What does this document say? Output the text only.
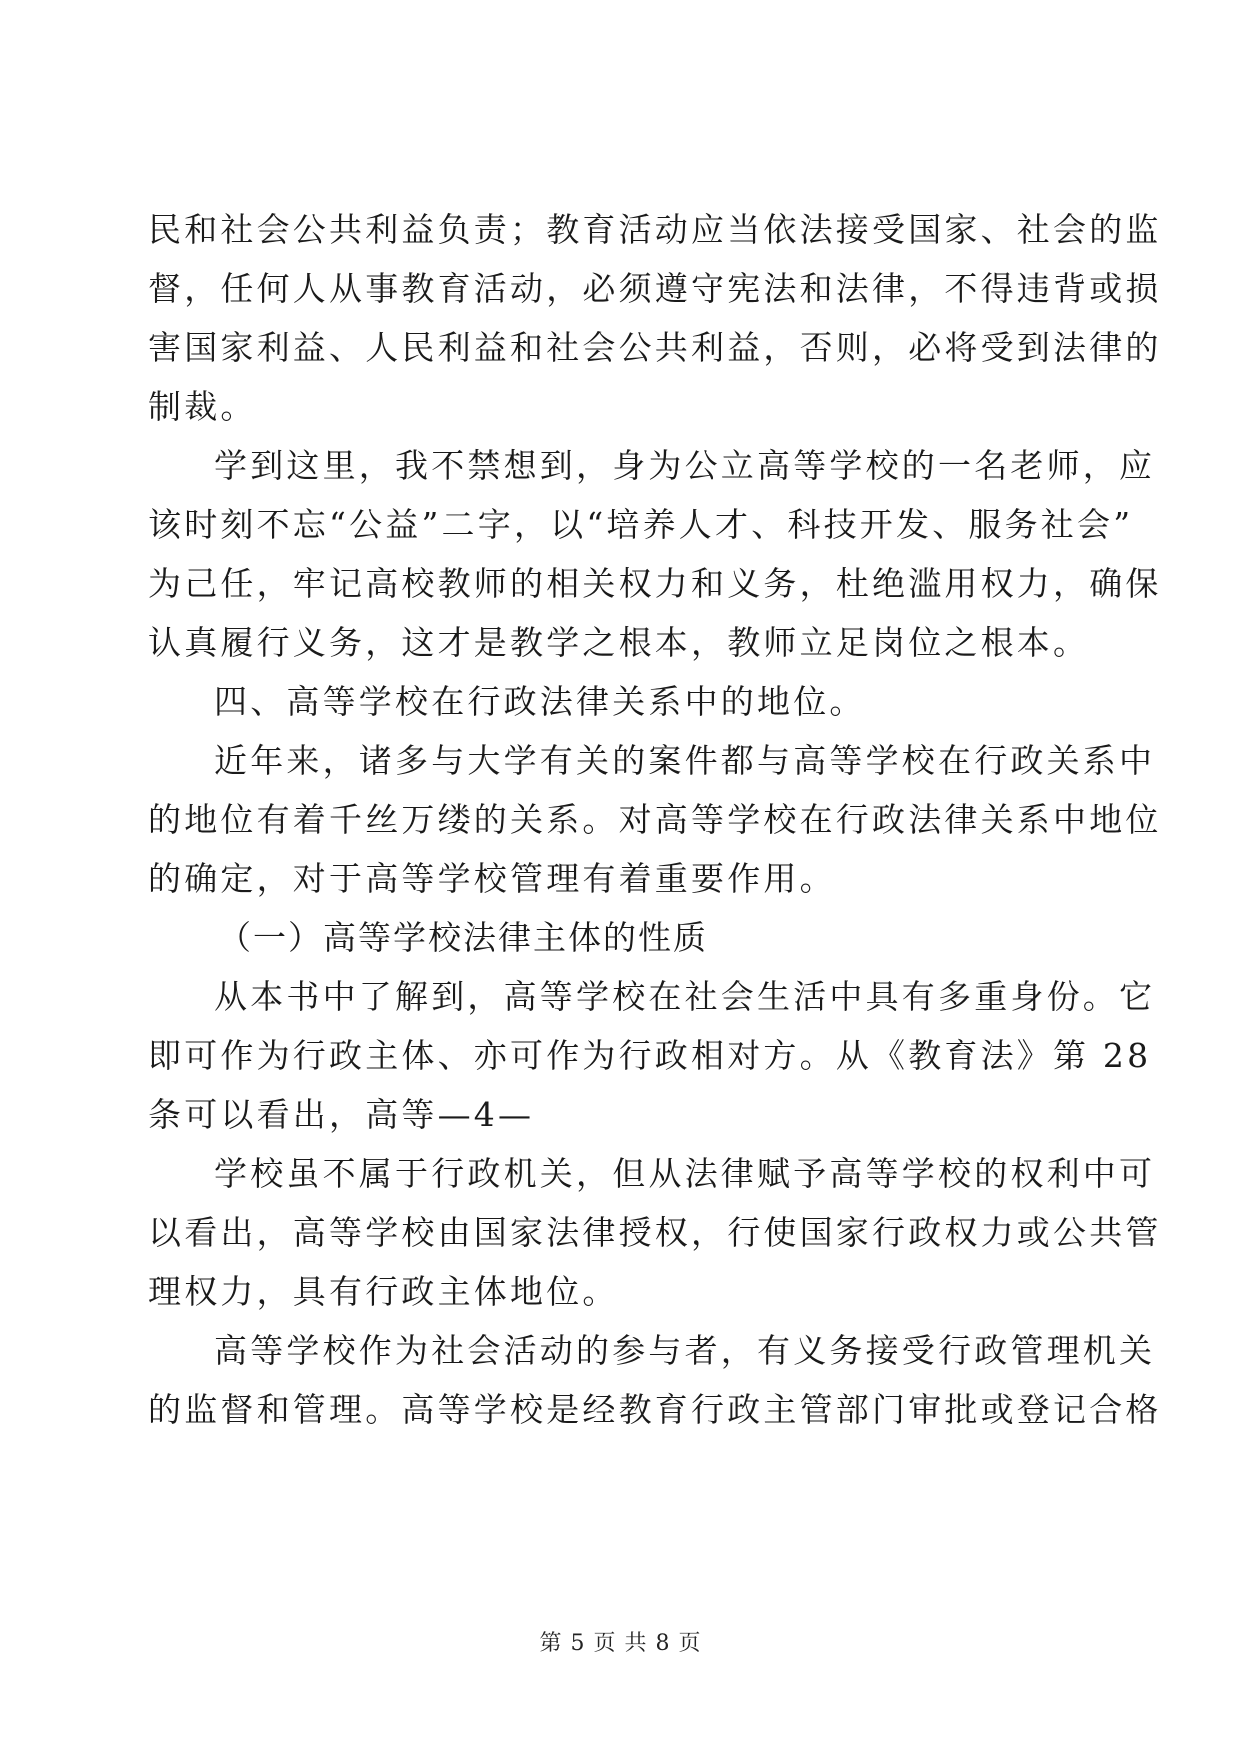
民和社会公共利益负责；教育活动应当依法接受国家、社会的监
督，任何人从事教育活动，必须遵守宪法和法律，不得违背或损
害国家利益、人民利益和社会公共利益，否则，必将受到法律的
制裁。
学到这里，我不禁想到，身为公立高等学校的一名老师，应
该时刻不忘“公益”二字，以“培养人才、科技开发、服务社会”
为己任，牢记高校教师的相关权力和义务，杜绝滥用权力，确保
认真履行义务，这才是教学之根本，教师立足岗位之根本。
四、高等学校在行政法律关系中的地位。
近年来，诸多与大学有关的案件都与高等学校在行政关系中
的地位有着千丝万缕的关系。对高等学校在行政法律关系中地位
的确定，对于高等学校管理有着重要作用。
（一）高等学校法律主体的性质
从本书中了解到，高等学校在社会生活中具有多重身份。它
即可作为行政主体、亦可作为行政相对方。从《教育法》第 28
条可以看出，高等—4—
学校虽不属于行政机关，但从法律赋予高等学校的权利中可
以看出，高等学校由国家法律授权，行使国家行政权力或公共管
理权力，具有行政主体地位。
高等学校作为社会活动的参与者，有义务接受行政管理机关
的监督和管理。高等学校是经教育行政主管部门审批或登记合格
第 5 页 共 8 页
